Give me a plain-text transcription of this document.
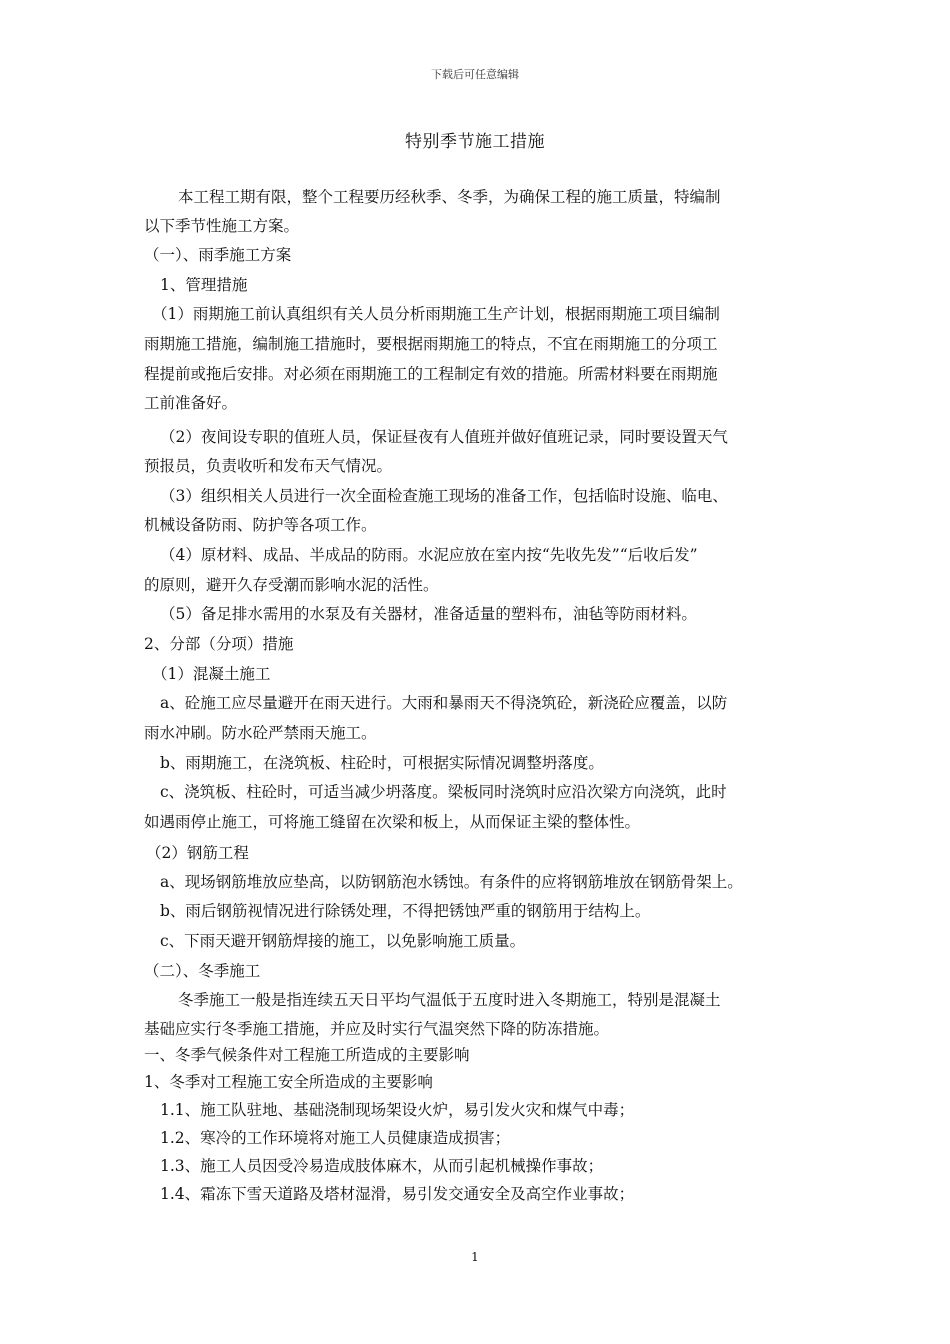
下载后可任意编辑
特别季节施工措施
本工程工期有限，整个工程要历经秋季、冬季，为确保工程的施工质量，特编制
以下季节性施工方案。
（一）、雨季施工方案
1、管理措施
（1）雨期施工前认真组织有关人员分析雨期施工生产计划，根据雨期施工项目编制
雨期施工措施，编制施工措施时，要根据雨期施工的特点，不宜在雨期施工的分项工
程提前或拖后安排。对必须在雨期施工的工程制定有效的措施。所需材料要在雨期施
工前准备好。
（2）夜间设专职的值班人员，保证昼夜有人值班并做好值班记录，同时要设置天气
预报员，负责收听和发布天气情况。
（3）组织相关人员进行一次全面检查施工现场的准备工作，包括临时设施、临电、
机械设备防雨、防护等各项工作。
（4）原材料、成品、半成品的防雨。水泥应放在室内按“先收先发”“后收后发”
的原则，避开久存受潮而影响水泥的活性。
（5）备足排水需用的水泵及有关器材，准备适量的塑料布，油毡等防雨材料。
2、分部（分项）措施
（1）混凝土施工
a、砼施工应尽量避开在雨天进行。大雨和暴雨天不得浇筑砼，新浇砼应覆盖，以防
雨水冲刷。防水砼严禁雨天施工。
b、雨期施工，在浇筑板、柱砼时，可根据实际情况调整坍落度。
c、浇筑板、柱砼时，可适当减少坍落度。梁板同时浇筑时应沿次梁方向浇筑，此时
如遇雨停止施工，可将施工缝留在次梁和板上，从而保证主梁的整体性。
（2）钢筋工程
a、现场钢筋堆放应垫高，以防钢筋泡水锈蚀。有条件的应将钢筋堆放在钢筋骨架上。
b、雨后钢筋视情况进行除锈处理，不得把锈蚀严重的钢筋用于结构上。
c、下雨天避开钢筋焊接的施工，以免影响施工质量。
（二）、冬季施工
冬季施工一般是指连续五天日平均气温低于五度时进入冬期施工，特别是混凝土
基础应实行冬季施工措施，并应及时实行气温突然下降的防冻措施。
一、冬季气候条件对工程施工所造成的主要影响
1、冬季对工程施工安全所造成的主要影响
1.1、施工队驻地、基础浇制现场架设火炉，易引发火灾和煤气中毒；
1.2、寒冷的工作环境将对施工人员健康造成损害；
1.3、施工人员因受冷易造成肢体麻木，从而引起机械操作事故；
1.4、霜冻下雪天道路及塔材湿滑，易引发交通安全及高空作业事故；
1
